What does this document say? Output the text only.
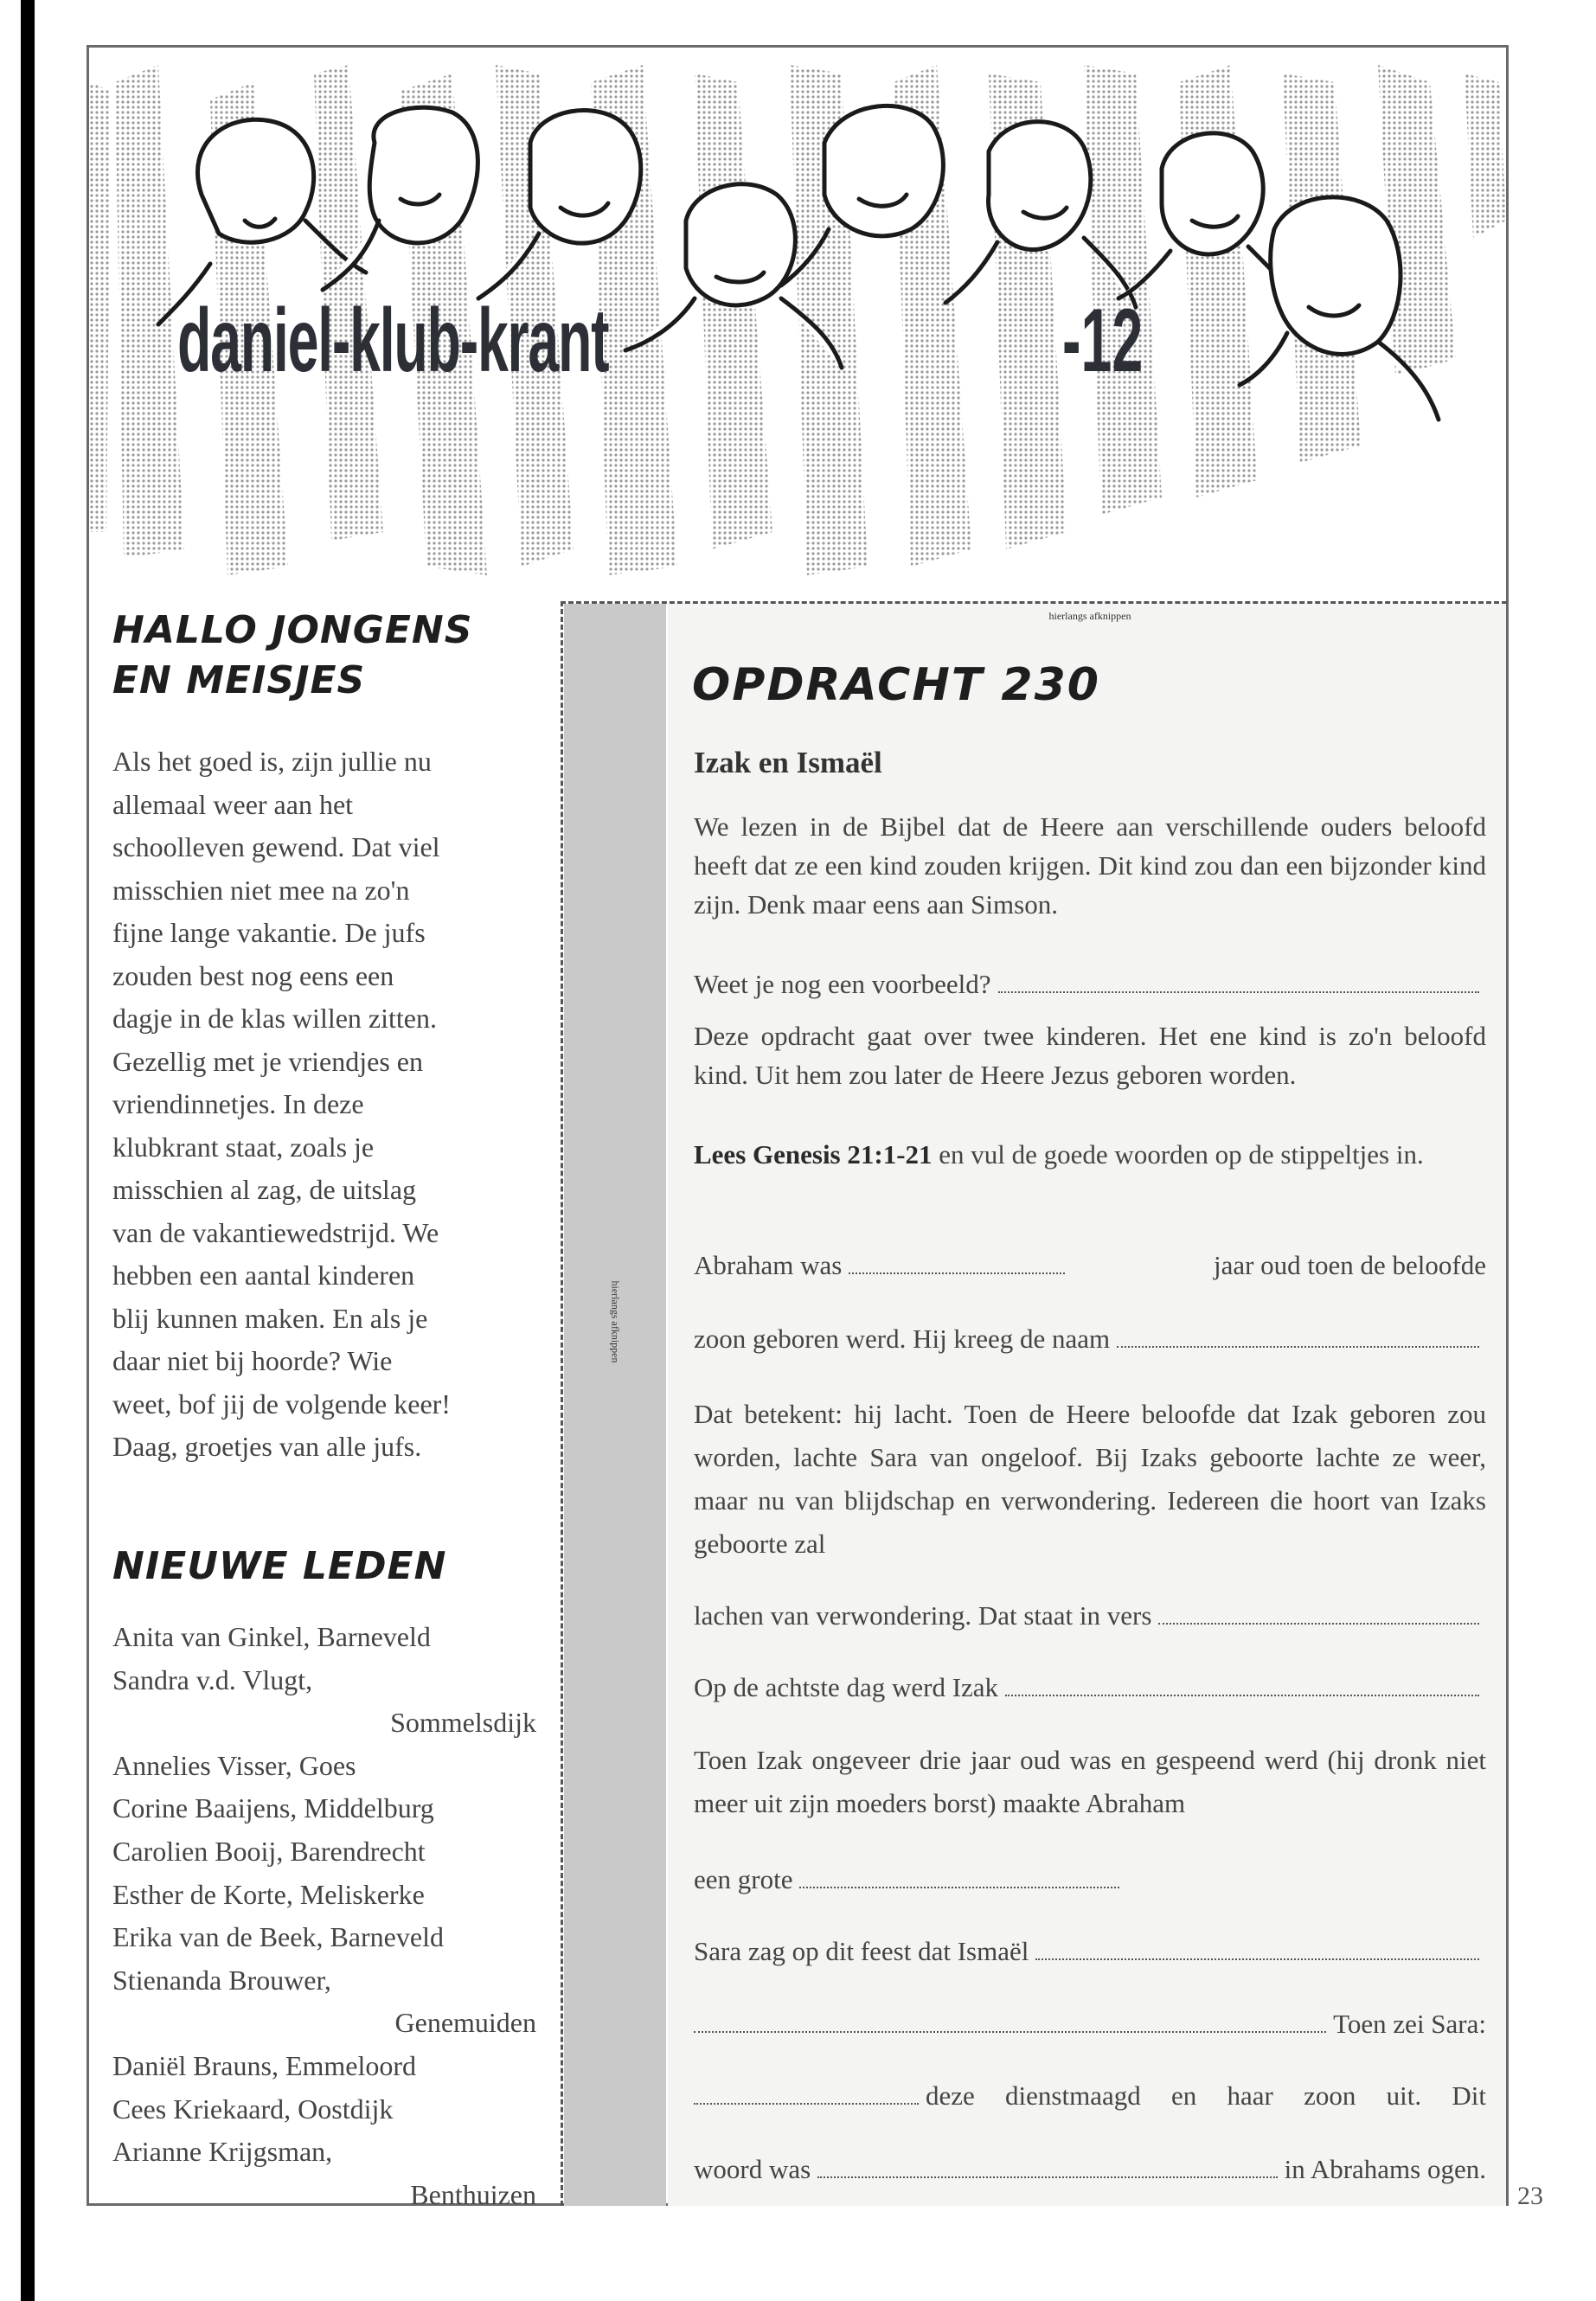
daniel-klub-krant	-12
HALLO JONGENS
EN MEISJES
Als het goed is, zijn jullie nu
allemaal weer aan het
schoolleven gewend. Dat viel
misschien niet mee na zo'n
fijne lange vakantie. De jufs
zouden best nog eens een
dagje in de klas willen zitten.
Gezellig met je vriendjes en
vriendinnetjes. In deze
klubkrant staat, zoals je
misschien al zag, de uitslag
van de vakantiewedstrijd. We
hebben een aantal kinderen
blij kunnen maken. En als je
daar niet bij hoorde? Wie
weet, bof jij de volgende keer!
Daag, groetjes van alle jufs.
NIEUWE LEDEN
Anita van Ginkel, Barneveld
Sandra v.d. Vlugt,
Sommelsdijk
Annelies Visser, Goes
Corine Baaijens, Middelburg
Carolien Booij, Barendrecht
Esther de Korte, Meliskerke
Erika van de Beek, Barneveld
Stienanda Brouwer,
Genemuiden
Daniël Brauns, Emmeloord
Cees Kriekaard, Oostdijk
Arianne Krijgsman,
Benthuizen
hierlangs afknippen
hierlangs afknippen
OPDRACHT 230
Izak en Ismaël
We lezen in de Bijbel dat de Heere aan verschillende ouders beloofd heeft dat ze een kind zouden krijgen. Dit kind zou dan een bijzonder kind zijn. Denk maar eens aan Simson.
Weet je nog een voorbeeld?
Deze opdracht gaat over twee kinderen. Het ene kind is zo'n beloofd kind. Uit hem zou later de Heere Jezus geboren worden.
Lees Genesis 21:1-21 en vul de goede woorden op de stippeltjes in.
Abraham was	jaar oud toen de beloofde
zoon geboren werd. Hij kreeg de naam
Dat betekent: hij lacht. Toen de Heere beloofde dat Izak geboren zou worden, lachte Sara van ongeloof. Bij Izaks geboorte lachte ze weer, maar nu van blijdschap en verwondering. Iedereen die hoort van Izaks geboorte zal
lachen van verwondering. Dat staat in vers
Op de achtste dag werd Izak
Toen Izak ongeveer drie jaar oud was en gespeend werd (hij dronk niet meer uit zijn moeders borst) maakte Abraham
een grote
Sara zag op dit feest dat Ismaël
Toen zei Sara:
deze dienstmaagd en haar zoon uit. Dit
woord was	in Abrahams ogen.
23
